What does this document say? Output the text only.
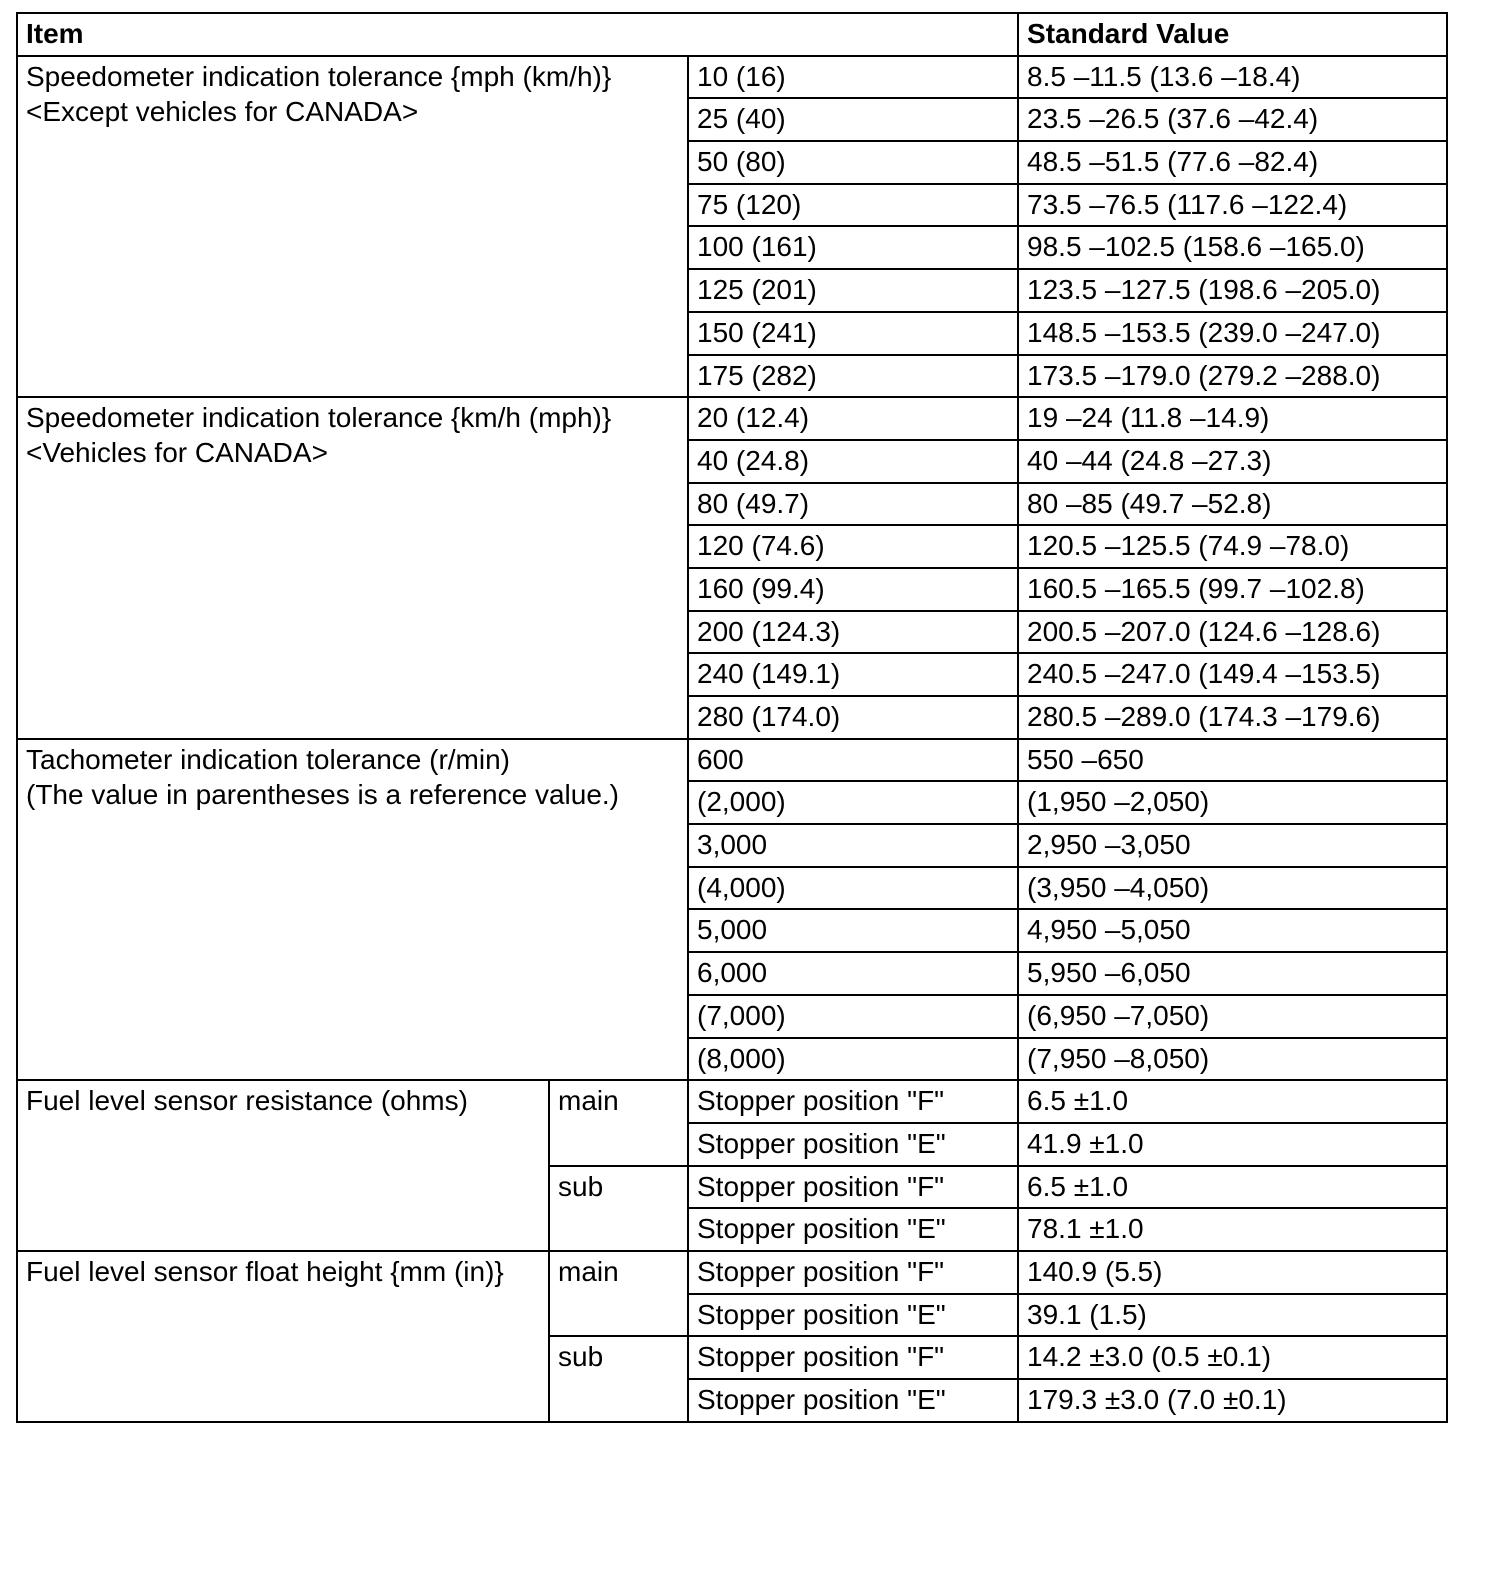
Item			Standard Value

Speedometer indication tolerance {mph (km/h)}
<Except vehicles for CANADA>		10 (16)	8.5 –11.5 (13.6 –18.4)
		25 (40)	23.5 –26.5 (37.6 –42.4)
		50 (80)	48.5 –51.5 (77.6 –82.4)
		75 (120)	73.5 –76.5 (117.6 –122.4)
		100 (161)	98.5 –102.5 (158.6 –165.0)
		125 (201)	123.5 –127.5 (198.6 –205.0)
		150 (241)	148.5 –153.5 (239.0 –247.0)
		175 (282)	173.5 –179.0 (279.2 –288.0)

Speedometer indication tolerance {km/h (mph)}
<Vehicles for CANADA>		20 (12.4)	19 –24 (11.8 –14.9)
		40 (24.8)	40 –44 (24.8 –27.3)
		80 (49.7)	80 –85 (49.7 –52.8)
		120 (74.6)	120.5 –125.5 (74.9 –78.0)
		160 (99.4)	160.5 –165.5 (99.7 –102.8)
		200 (124.3)	200.5 –207.0 (124.6 –128.6)
		240 (149.1)	240.5 –247.0 (149.4 –153.5)
		280 (174.0)	280.5 –289.0 (174.3 –179.6)

Tachometer indication tolerance (r/min)
(The value in parentheses is a reference value.)		600	550 –650
		(2,000)	(1,950 –2,050)
		3,000	2,950 –3,050
		(4,000)	(3,950 –4,050)
		5,000	4,950 –5,050
		6,000	5,950 –6,050
		(7,000)	(6,950 –7,050)
		(8,000)	(7,950 –8,050)
Fuel level sensor resistance (ohms)	main	Stopper position "F"	6.5 ±1.0
		Stopper position "E"	41.9 ±1.0
	sub	Stopper position "F"	6.5 ±1.0
		Stopper position "E"	78.1 ±1.0
Fuel level sensor float height {mm (in)}	main	Stopper position "F"	140.9 (5.5)
		Stopper position "E"	39.1 (1.5)
	sub	Stopper position "F"	14.2 ±3.0 (0.5 ±0.1)
		Stopper position "E"	179.3 ±3.0 (7.0 ±0.1)
